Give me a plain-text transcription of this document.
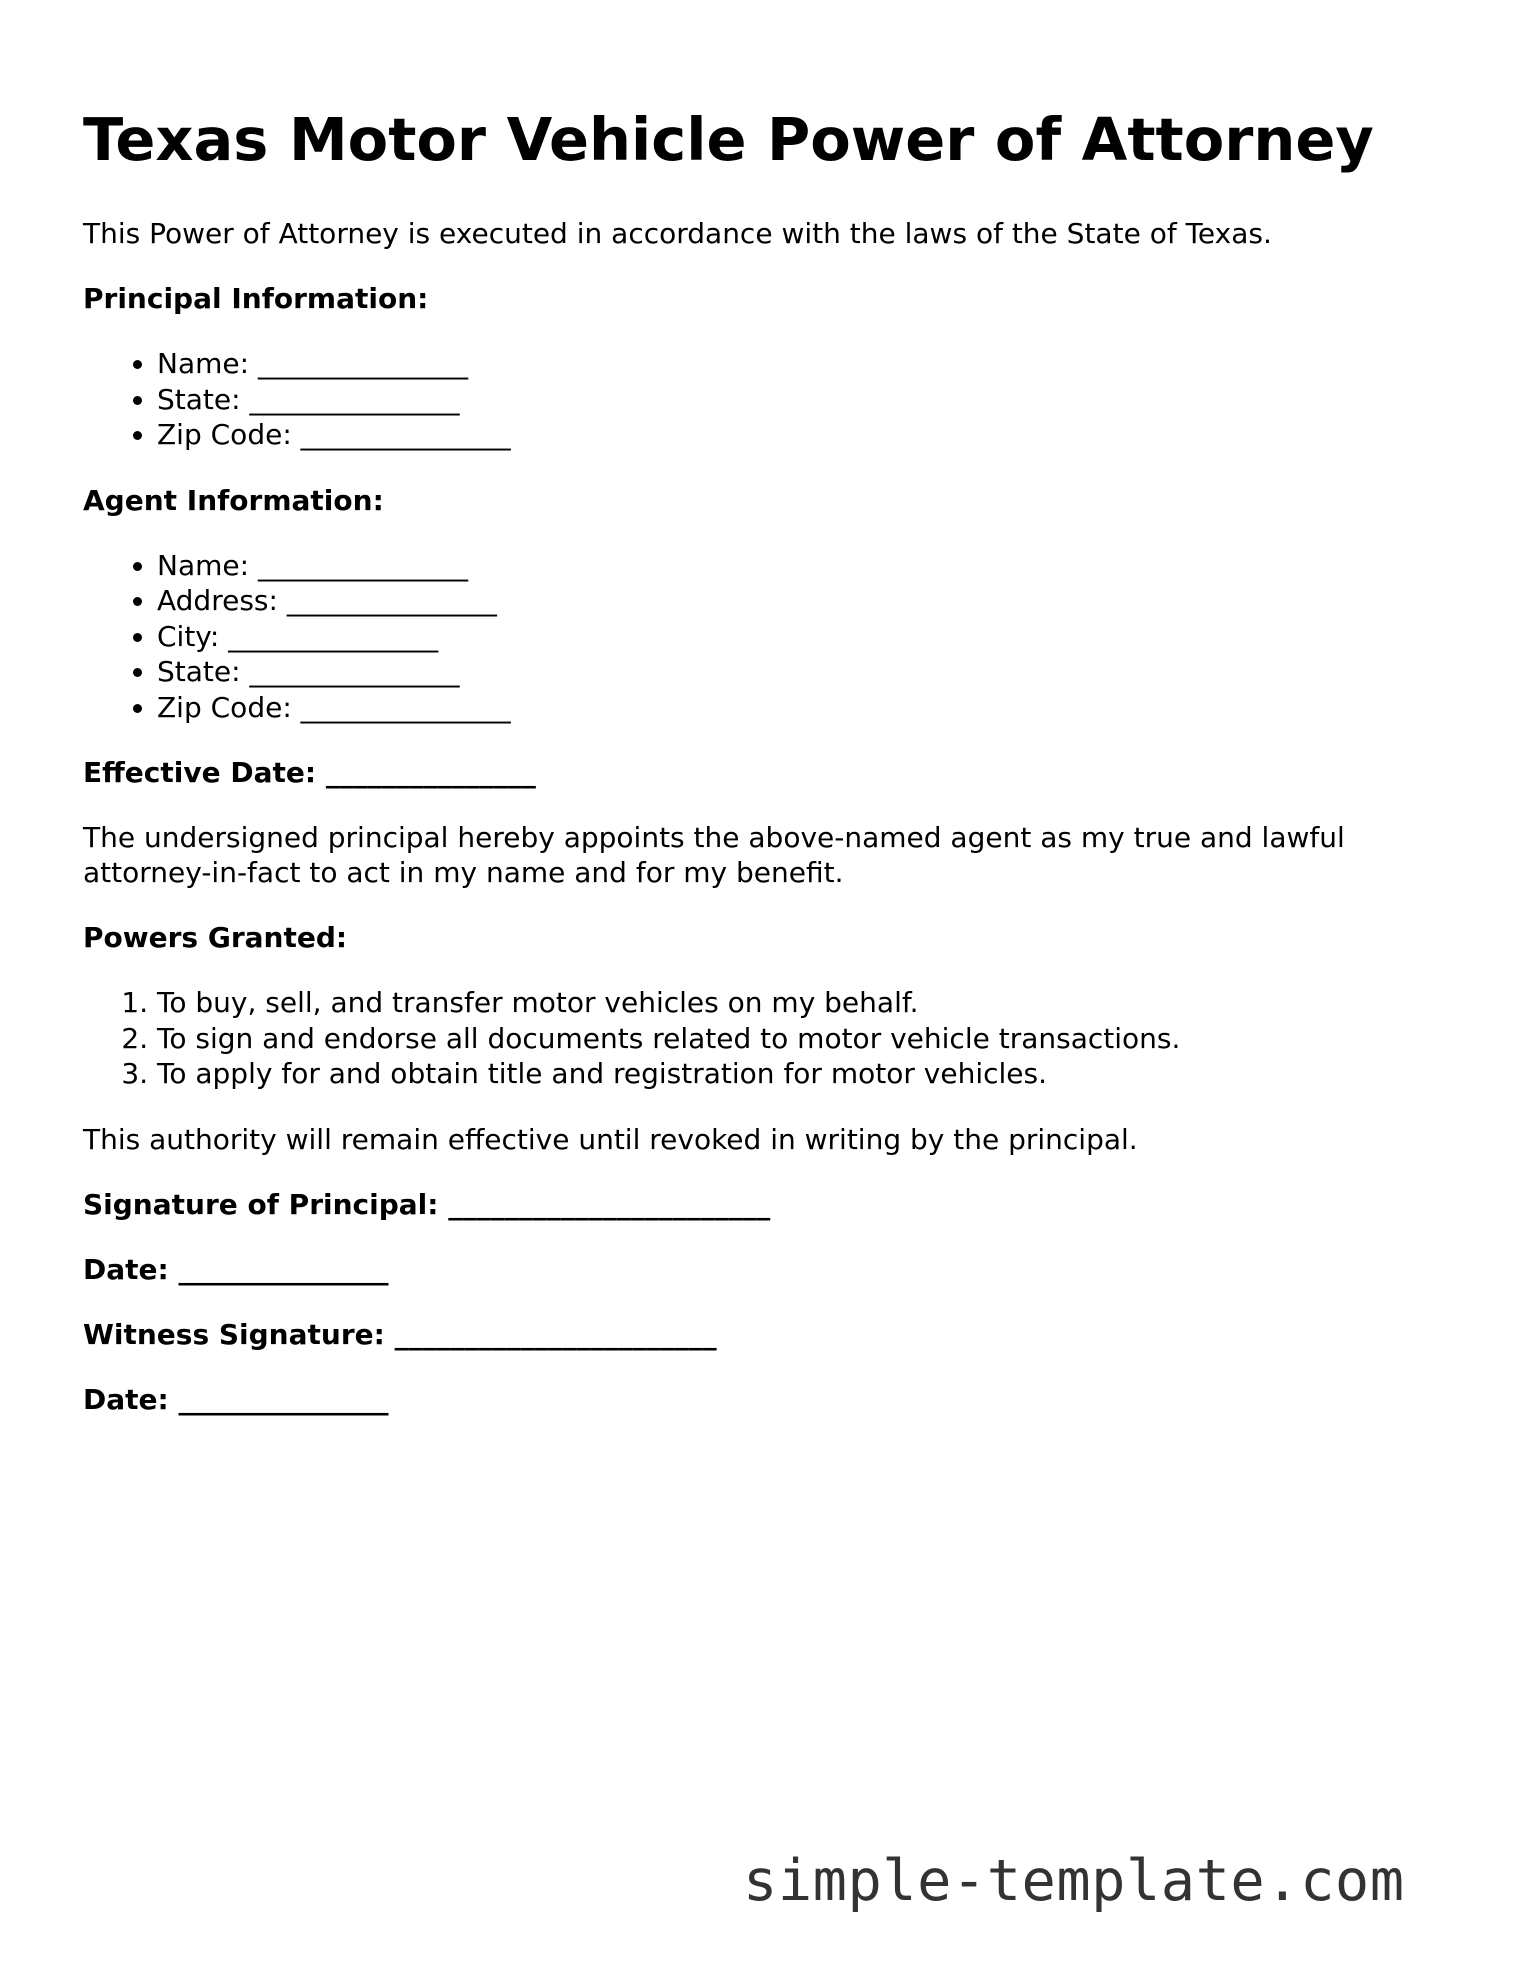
Texas Motor Vehicle Power of Attorney

This Power of Attorney is executed in accordance with the laws of the State of Texas.

Principal Information:

• Name: _______________
• State: _______________
• Zip Code: _______________

Agent Information:

• Name: _______________
• Address: _______________
• City: _______________
• State: _______________
• Zip Code: _______________

Effective Date: _______________

The undersigned principal hereby appoints the above-named agent as my true and lawful attorney-in-fact to act in my name and for my benefit.

Powers Granted:

1. To buy, sell, and transfer motor vehicles on my behalf.
2. To sign and endorse all documents related to motor vehicle transactions.
3. To apply for and obtain title and registration for motor vehicles.

This authority will remain effective until revoked in writing by the principal.

Signature of Principal: _______________________

Date: _______________

Witness Signature: _______________________

Date: _______________

simple-template.com
